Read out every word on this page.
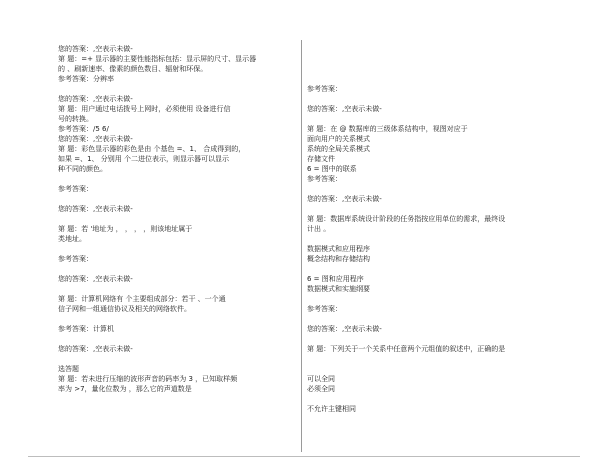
您的答案：,空表示未做-
第 题：=+ 显示器的主要性能指标包括：显示屏的尺寸、显示器
的 、刷新速率、像素的颜色数目、辐射和环保。
参考答案：分辨率
您的答案：,空表示未做-
第 题：用户通过电话拨号上网时，必须使用 设备进行信
号的转换。
参考答案：/5 6/
您的答案：,空表示未做-
第 题：彩色显示器的彩色是由 个基色 =、1、 合成得到的，
如果 =、1、 分别用 个二进位表示，则显示器可以显示
种不同的颜色。
参考答案：
您的答案：,空表示未做-
第 题：若 '地址为 ， ， ， ，则该地址属于
类地址。
参考答案：
您的答案：,空表示未做-
第 题：计算机网络有 个主要组成部分：若干 、一个通
信子网和一组通信协议及相关的网络软件。
参考答案：计算机
您的答案：,空表示未做-
选答题
第 题：若未进行压缩的波形声音的码率为 3 ，已知取样频
率为 >7，量化位数为 ，那么它的声道数是
参考答案：
您的答案：,空表示未做-
第 题：在 @ 数据库的三级体系结构中，视图对应于
面向用户的关系模式
系统的全局关系模式
存储文件
6 = 图中的联系
参考答案：
您的答案：,空表示未做-
第 题：数据库系统设计阶段的任务指按应用单位的需求，最终设
计出 。
数据模式和应用程序
概念结构和存储结构
6 = 图和应用程序
数据模式和实施纲要
参考答案：
您的答案：,空表示未做-
第 题：下列关于一个关系中任意两个元组值的叙述中，正确的是
可以全同
必须全同
不允许主键相同
